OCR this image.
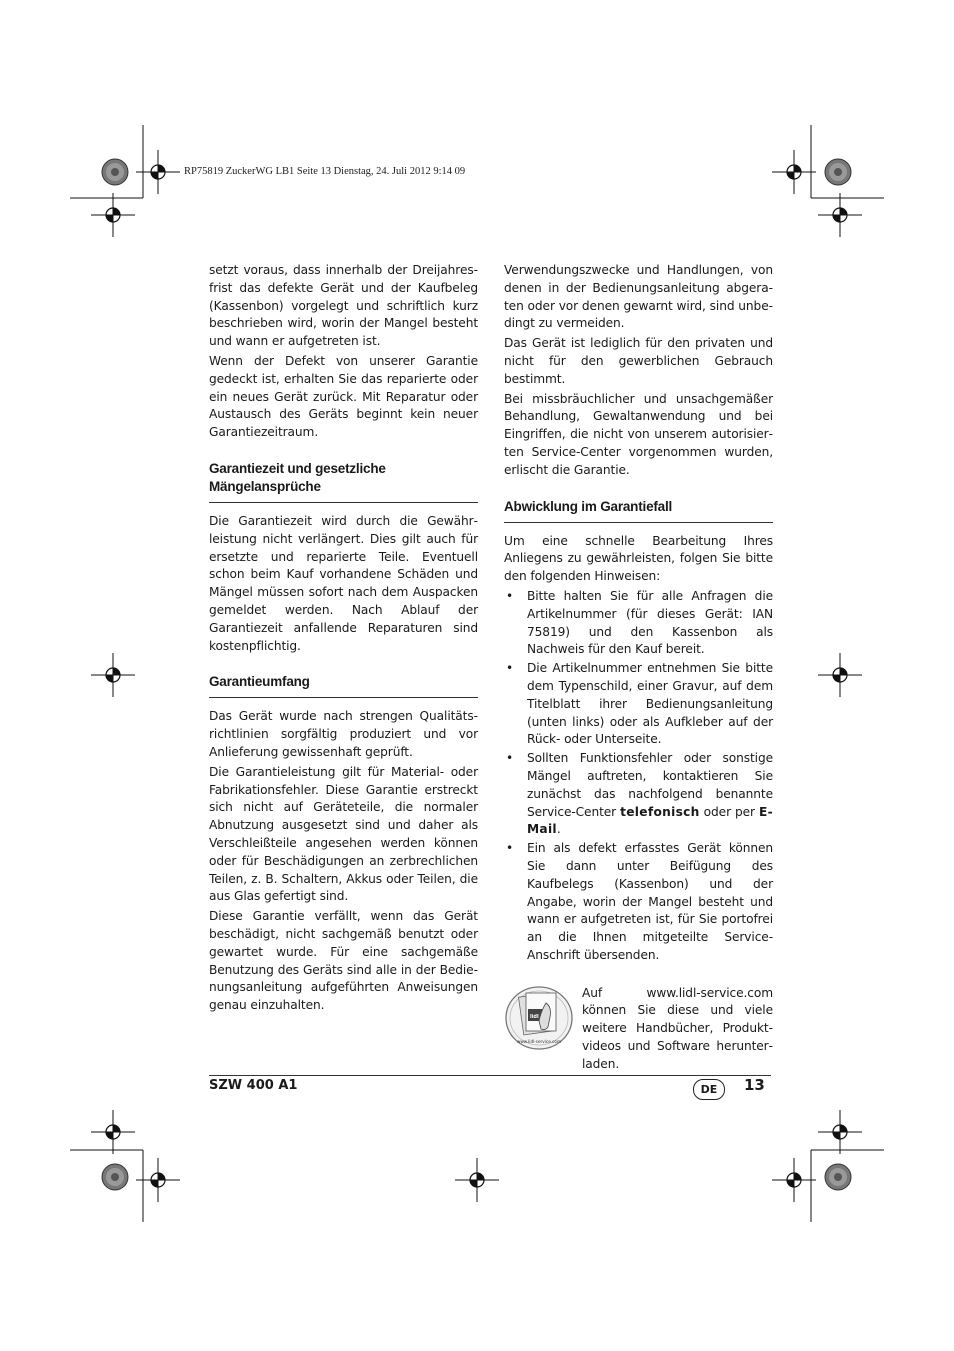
RP75819 ZuckerWG LB1 Seite 13 Dienstag, 24. Juli 2012 9:14 09

setzt voraus, dass innerhalb der Dreijahresfrist das defekte Gerät und der Kaufbeleg (Kassenbon) vorgelegt und schriftlich kurz beschrieben wird, worin der Mangel besteht und wann er aufgetreten ist.

Wenn der Defekt von unserer Garantie gedeckt ist, erhalten Sie das reparierte oder ein neues Gerät zurück. Mit Reparatur oder Austausch des Geräts beginnt kein neuer Garantiezeitraum.

Garantiezeit und gesetzliche
Mängelansprüche

Die Garantiezeit wird durch die Gewährleistung nicht verlängert. Dies gilt auch für ersetzte und reparierte Teile. Eventuell schon beim Kauf vorhandene Schäden und Mängel müssen sofort nach dem Auspacken gemeldet werden. Nach Ablauf der Garantiezeit anfallende Reparaturen sind kostenpflichtig.

Garantieumfang

Das Gerät wurde nach strengen Qualitätsrichtlinien sorgfältig produziert und vor Anlieferung gewissenhaft geprüft.

Die Garantieleistung gilt für Material- oder Fabrikationsfehler. Diese Garantie erstreckt sich nicht auf Geräteteile, die normaler Abnutzung ausgesetzt sind und daher als Verschleißteile angesehen werden können oder für Beschädigungen an zerbrechlichen Teilen, z. B. Schaltern, Akkus oder Teilen, die aus Glas gefertigt sind.

Diese Garantie verfällt, wenn das Gerät beschädigt, nicht sachgemäß benutzt oder gewartet wurde. Für eine sachgemäße Benutzung des Geräts sind alle in der Bedienungsanleitung aufgeführten Anweisungen genau einzuhalten.

Verwendungszwecke und Handlungen, von denen in der Bedienungsanleitung abgeraten oder vor denen gewarnt wird, sind unbedingt zu vermeiden.

Das Gerät ist lediglich für den privaten und nicht für den gewerblichen Gebrauch bestimmt.

Bei missbräuchlicher und unsachgemäßer Behandlung, Gewaltanwendung und bei Eingriffen, die nicht von unserem autorisierten Service-Center vorgenommen wurden, erlischt die Garantie.

Abwicklung im Garantiefall

Um eine schnelle Bearbeitung Ihres Anliegens zu gewährleisten, folgen Sie bitte den folgenden Hinweisen:

• Bitte halten Sie für alle Anfragen die Artikelnummer (für dieses Gerät: IAN 75819) und den Kassenbon als Nachweis für den Kauf bereit.
• Die Artikelnummer entnehmen Sie bitte dem Typenschild, einer Gravur, auf dem Titelblatt ihrer Bedienungsanleitung (unten links) oder als Aufkleber auf der Rück- oder Unterseite.
• Sollten Funktionsfehler oder sonstige Mängel auftreten, kontaktieren Sie zunächst das nachfolgend benannte Service-Center telefonisch oder per E-Mail.
• Ein als defekt erfasstes Gerät können Sie dann unter Beifügung des Kaufbelegs (Kassenbon) und der Angabe, worin der Mangel besteht und wann er aufgetreten ist, für Sie portofrei an die Ihnen mitgeteilte Service-Anschrift übersenden.
lidl
www.lidl-service.com

Auf www.lidl-service.com können Sie diese und viele weitere Handbücher, Produktvideos und Software herunterladen.

SZW 400 A1	DE	13
